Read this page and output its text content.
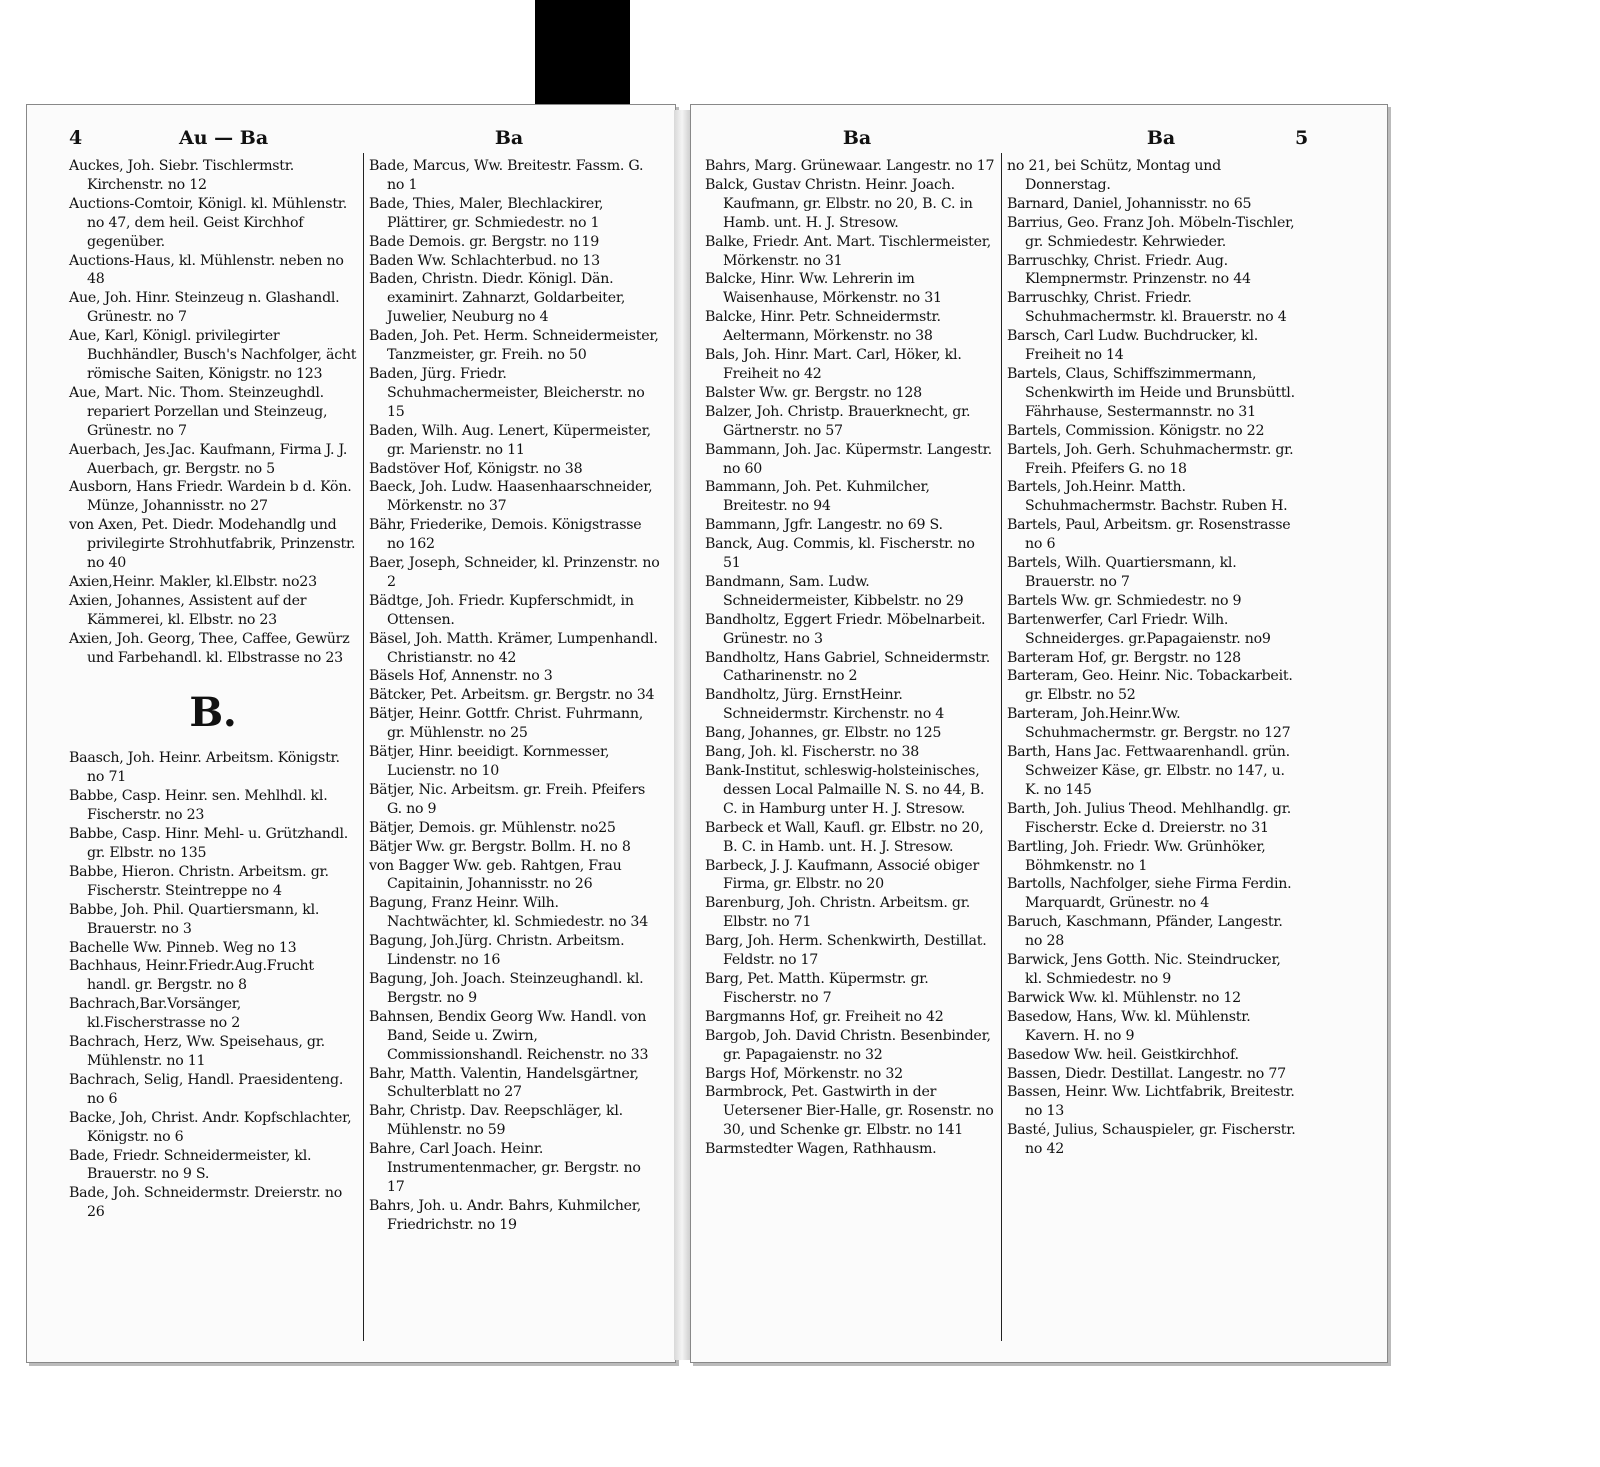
4	Au — Ba	Ba
Auckes, Joh. Siebr. Tischlermstr. Kirchenstr. no 12
Auctions-Comtoir, Königl. kl. Mühlenstr. no 47, dem heil. Geist Kirchhof gegenüber.
Auctions-Haus, kl. Mühlenstr. neben no 48
Aue, Joh. Hinr. Steinzeug n. Glashandl. Grünestr. no 7
Aue, Karl, Königl. privilegirter Buchhändler, Busch's Nachfolger, ächt römische Saiten, Königstr. no 123
Aue, Mart. Nic. Thom. Steinzeughdl. repariert Porzellan und Steinzeug, Grünestr. no 7
Auerbach, Jes.Jac. Kaufmann, Firma J. J. Auerbach, gr. Bergstr. no 5
Ausborn, Hans Friedr. Wardein b d. Kön. Münze, Johannisstr. no 27
von Axen, Pet. Diedr. Modehandlg und privilegirte Strohhutfabrik, Prinzenstr. no 40
Axien,Heinr. Makler, kl.Elbstr. no23
Axien, Johannes, Assistent auf der Kämmerei, kl. Elbstr. no 23
Axien, Joh. Georg, Thee, Caffee, Gewürz und Farbehandl. kl. Elbstrasse no 23
B.
Baasch, Joh. Heinr. Arbeitsm. Königstr. no 71
Babbe, Casp. Heinr. sen. Mehlhdl. kl. Fischerstr. no 23
Babbe, Casp. Hinr. Mehl- u. Grützhandl. gr. Elbstr. no 135
Babbe, Hieron. Christn. Arbeitsm. gr. Fischerstr. Steintreppe no 4
Babbe, Joh. Phil. Quartiersmann, kl. Brauerstr. no 3
Bachelle Ww. Pinneb. Weg no 13
Bachhaus, Heinr.Friedr.Aug.Frucht handl. gr. Bergstr. no 8
Bachrach,Bar.Vorsänger, kl.Fischerstrasse no 2
Bachrach, Herz, Ww. Speisehaus, gr. Mühlenstr. no 11
Bachrach, Selig, Handl. Praesidenteng. no 6
Backe, Joh, Christ. Andr. Kopfschlachter, Königstr. no 6
Bade, Friedr. Schneidermeister, kl. Brauerstr. no 9 S.
Bade, Joh. Schneidermstr. Dreierstr. no 26
Bade, Marcus, Ww. Breitestr. Fassm. G. no 1
Bade, Thies, Maler, Blechlackirer, Plättirer, gr. Schmiedestr. no 1
Bade Demois. gr. Bergstr. no 119
Baden Ww. Schlachterbud. no 13
Baden, Christn. Diedr. Königl. Dän. examinirt. Zahnarzt, Goldarbeiter, Juwelier, Neuburg no 4
Baden, Joh. Pet. Herm. Schneidermeister, Tanzmeister, gr. Freih. no 50
Baden, Jürg. Friedr. Schuhmachermeister, Bleicherstr. no 15
Baden, Wilh. Aug. Lenert, Küpermeister, gr. Marienstr. no 11
Badstöver Hof, Königstr. no 38
Baeck, Joh. Ludw. Haasenhaarschneider, Mörkenstr. no 37
Bähr, Friederike, Demois. Königstrasse no 162
Baer, Joseph, Schneider, kl. Prinzenstr. no 2
Bädtge, Joh. Friedr. Kupferschmidt, in Ottensen.
Bäsel, Joh. Matth. Krämer, Lumpenhandl. Christianstr. no 42
Bäsels Hof, Annenstr. no 3
Bätcker, Pet. Arbeitsm. gr. Bergstr. no 34
Bätjer, Heinr. Gottfr. Christ. Fuhrmann, gr. Mühlenstr. no 25
Bätjer, Hinr. beeidigt. Kornmesser, Lucienstr. no 10
Bätjer, Nic. Arbeitsm. gr. Freih. Pfeifers G. no 9
Bätjer, Demois. gr. Mühlenstr. no25
Bätjer Ww. gr. Bergstr. Bollm. H. no 8
von Bagger Ww. geb. Rahtgen, Frau Capitainin, Johannisstr. no 26
Bagung, Franz Heinr. Wilh. Nachtwächter, kl. Schmiedestr. no 34
Bagung, Joh.Jürg. Christn. Arbeitsm. Lindenstr. no 16
Bagung, Joh. Joach. Steinzeughandl. kl. Bergstr. no 9
Bahnsen, Bendix Georg Ww. Handl. von Band, Seide u. Zwirn, Commissionshandl. Reichenstr. no 33
Bahr, Matth. Valentin, Handelsgärtner, Schulterblatt no 27
Bahr, Christp. Dav. Reepschläger, kl. Mühlenstr. no 59
Bahre, Carl Joach. Heinr. Instrumentenmacher, gr. Bergstr. no 17
Bahrs, Joh. u. Andr. Bahrs, Kuhmilcher, Friedrichstr. no 19
Ba	Ba	5
Bahrs, Marg. Grünewaar. Langestr. no 17
Balck, Gustav Christn. Heinr. Joach. Kaufmann, gr. Elbstr. no 20, B. C. in Hamb. unt. H. J. Stresow.
Balke, Friedr. Ant. Mart. Tischlermeister, Mörkenstr. no 31
Balcke, Hinr. Ww. Lehrerin im Waisenhause, Mörkenstr. no 31
Balcke, Hinr. Petr. Schneidermstr. Aeltermann, Mörkenstr. no 38
Bals, Joh. Hinr. Mart. Carl, Höker, kl. Freiheit no 42
Balster Ww. gr. Bergstr. no 128
Balzer, Joh. Christp. Brauerknecht, gr. Gärtnerstr. no 57
Bammann, Joh. Jac. Küpermstr. Langestr. no 60
Bammann, Joh. Pet. Kuhmilcher, Breitestr. no 94
Bammann, Jgfr. Langestr. no 69 S.
Banck, Aug. Commis, kl. Fischerstr. no 51
Bandmann, Sam. Ludw. Schneidermeister, Kibbelstr. no 29
Bandholtz, Eggert Friedr. Möbelnarbeit. Grünestr. no 3
Bandholtz, Hans Gabriel, Schneidermstr. Catharinenstr. no 2
Bandholtz, Jürg. ErnstHeinr. Schneidermstr. Kirchenstr. no 4
Bang, Johannes, gr. Elbstr. no 125
Bang, Joh. kl. Fischerstr. no 38
Bank-Institut, schleswig-holsteinisches, dessen Local Palmaille N. S. no 44, B. C. in Hamburg unter H. J. Stresow.
Barbeck et Wall, Kaufl. gr. Elbstr. no 20, B. C. in Hamb. unt. H. J. Stresow.
Barbeck, J. J. Kaufmann, Associé obiger Firma, gr. Elbstr. no 20
Barenburg, Joh. Christn. Arbeitsm. gr. Elbstr. no 71
Barg, Joh. Herm. Schenkwirth, Destillat. Feldstr. no 17
Barg, Pet. Matth. Küpermstr. gr. Fischerstr. no 7
Bargmanns Hof, gr. Freiheit no 42
Bargob, Joh. David Christn. Besenbinder, gr. Papagaienstr. no 32
Bargs Hof, Mörkenstr. no 32
Barmbrock, Pet. Gastwirth in der Uetersener Bier-Halle, gr. Rosenstr. no 30, und Schenke gr. Elbstr. no 141
Barmstedter Wagen, Rathhausm.
no 21, bei Schütz, Montag und Donnerstag.
Barnard, Daniel, Johannisstr. no 65
Barrius, Geo. Franz Joh. Möbeln-Tischler, gr. Schmiedestr. Kehrwieder.
Barruschky, Christ. Friedr. Aug. Klempnermstr. Prinzenstr. no 44
Barruschky, Christ. Friedr. Schuhmachermstr. kl. Brauerstr. no 4
Barsch, Carl Ludw. Buchdrucker, kl. Freiheit no 14
Bartels, Claus, Schiffszimmermann, Schenkwirth im Heide und Brunsbüttl. Fährhause, Sestermannstr. no 31
Bartels, Commission. Königstr. no 22
Bartels, Joh. Gerh. Schuhmachermstr. gr. Freih. Pfeifers G. no 18
Bartels, Joh.Heinr. Matth. Schuhmachermstr. Bachstr. Ruben H.
Bartels, Paul, Arbeitsm. gr. Rosenstrasse no 6
Bartels, Wilh. Quartiersmann, kl. Brauerstr. no 7
Bartels Ww. gr. Schmiedestr. no 9
Bartenwerfer, Carl Friedr. Wilh. Schneiderges. gr.Papagaienstr. no9
Barteram Hof, gr. Bergstr. no 128
Barteram, Geo. Heinr. Nic. Tobackarbeit. gr. Elbstr. no 52
Barteram, Joh.Heinr.Ww. Schuhmachermstr. gr. Bergstr. no 127
Barth, Hans Jac. Fettwaarenhandl. grün. Schweizer Käse, gr. Elbstr. no 147, u. K. no 145
Barth, Joh. Julius Theod. Mehlhandlg. gr. Fischerstr. Ecke d. Dreierstr. no 31
Bartling, Joh. Friedr. Ww. Grünhöker, Böhmkenstr. no 1
Bartolls, Nachfolger, siehe Firma Ferdin. Marquardt, Grünestr. no 4
Baruch, Kaschmann, Pfänder, Langestr. no 28
Barwick, Jens Gotth. Nic. Steindrucker, kl. Schmiedestr. no 9
Barwick Ww. kl. Mühlenstr. no 12
Basedow, Hans, Ww. kl. Mühlenstr. Kavern. H. no 9
Basedow Ww. heil. Geistkirchhof.
Bassen, Diedr. Destillat. Langestr. no 77
Bassen, Heinr. Ww. Lichtfabrik, Breitestr. no 13
Basté, Julius, Schauspieler, gr. Fischerstr. no 42
